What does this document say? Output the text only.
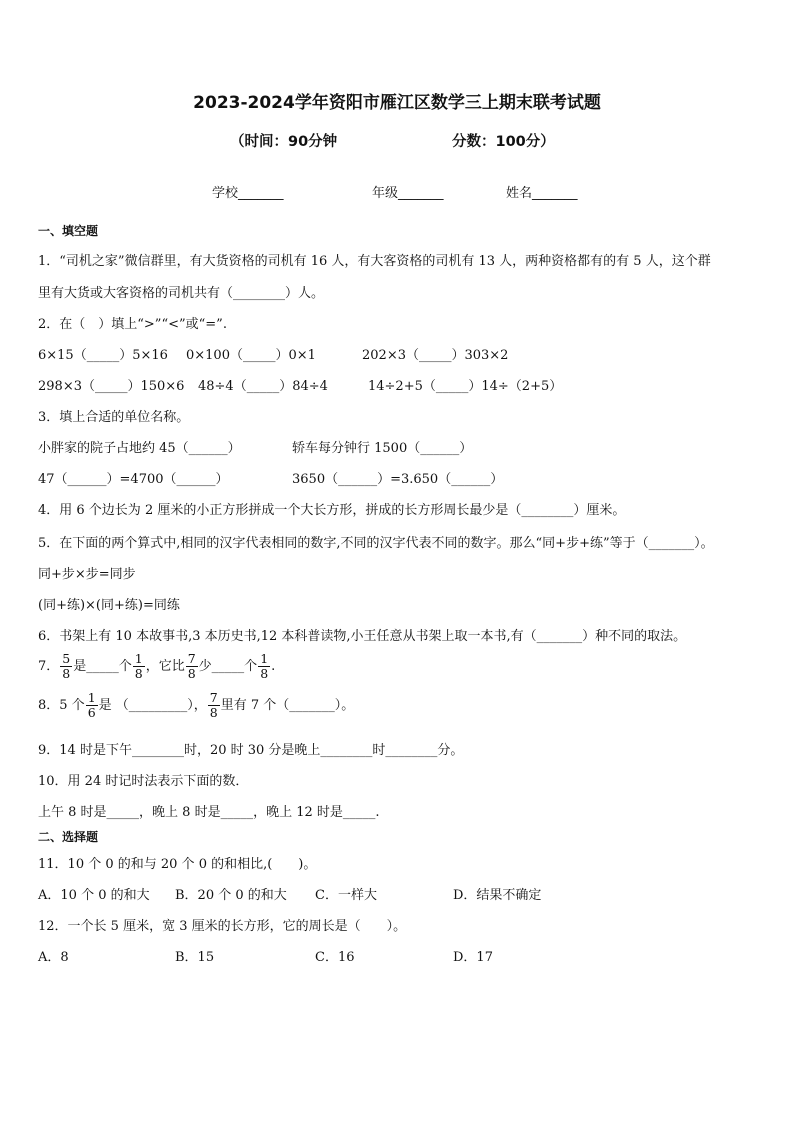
2023-2024学年资阳市雁江区数学三上期末联考试题
（时间：90分钟	分数：100分）
学校_______	年级_______	姓名_______
一、填空题
1．“司机之家”微信群里，有大货资格的司机有 16 人，有大客资格的司机有 13 人，两种资格都有的有 5 人，这个群
里有大货或大客资格的司机共有（________）人。
2．在（　）填上“>”“<”或“=”.
6×15（_____）5×16 0×100（_____）0×1	202×3（_____）303×2
298×3（_____）150×6 48÷4（_____）84÷4	14÷2+5（_____）14÷（2+5）
3．填上合适的单位名称。
小胖家的院子占地约 45（______）	轿车每分钟行 1500（______）
47（______）=4700（______）	3650（______）=3.650（______）
4．用 6 个边长为 2 厘米的小正方形拼成一个大长方形，拼成的长方形周长最少是（________）厘米。
5．在下面的两个算式中,相同的汉字代表相同的数字,不同的汉字代表不同的数字。那么“同+步+练”等于（_______）。
同+步×步=同步
(同+练)×(同+练)=同练
6．书架上有 10 本故事书,3 本历史书,12 本科普读物,小王任意从书架上取一本书,有（_______）种不同的取法。
7． $\frac{5}{8}$ 是_____个 $\frac{1}{8}$ ，它比 $\frac{7}{8}$ 少_____个 $\frac{1}{8}$ .
8．5 个 $\frac{1}{6}$ 是 （_________）， $\frac{7}{8}$ 里有 7 个（_______）。
9．14 时是下午________时，20 时 30 分是晚上________时________分。
10．用 24 时记时法表示下面的数．
上午 8 时是_____，晚上 8 时是_____，晚上 12 时是_____.
二、选择题
11．10 个 0 的和与 20 个 0 的和相比,(　　)。
A．10 个 0 的和大 B．20 个 0 的和大 C．一样大	D．结果不确定
12．一个长 5 厘米，宽 3 厘米的长方形，它的周长是（　　）。
A．8	B．15	C．16	D．17
